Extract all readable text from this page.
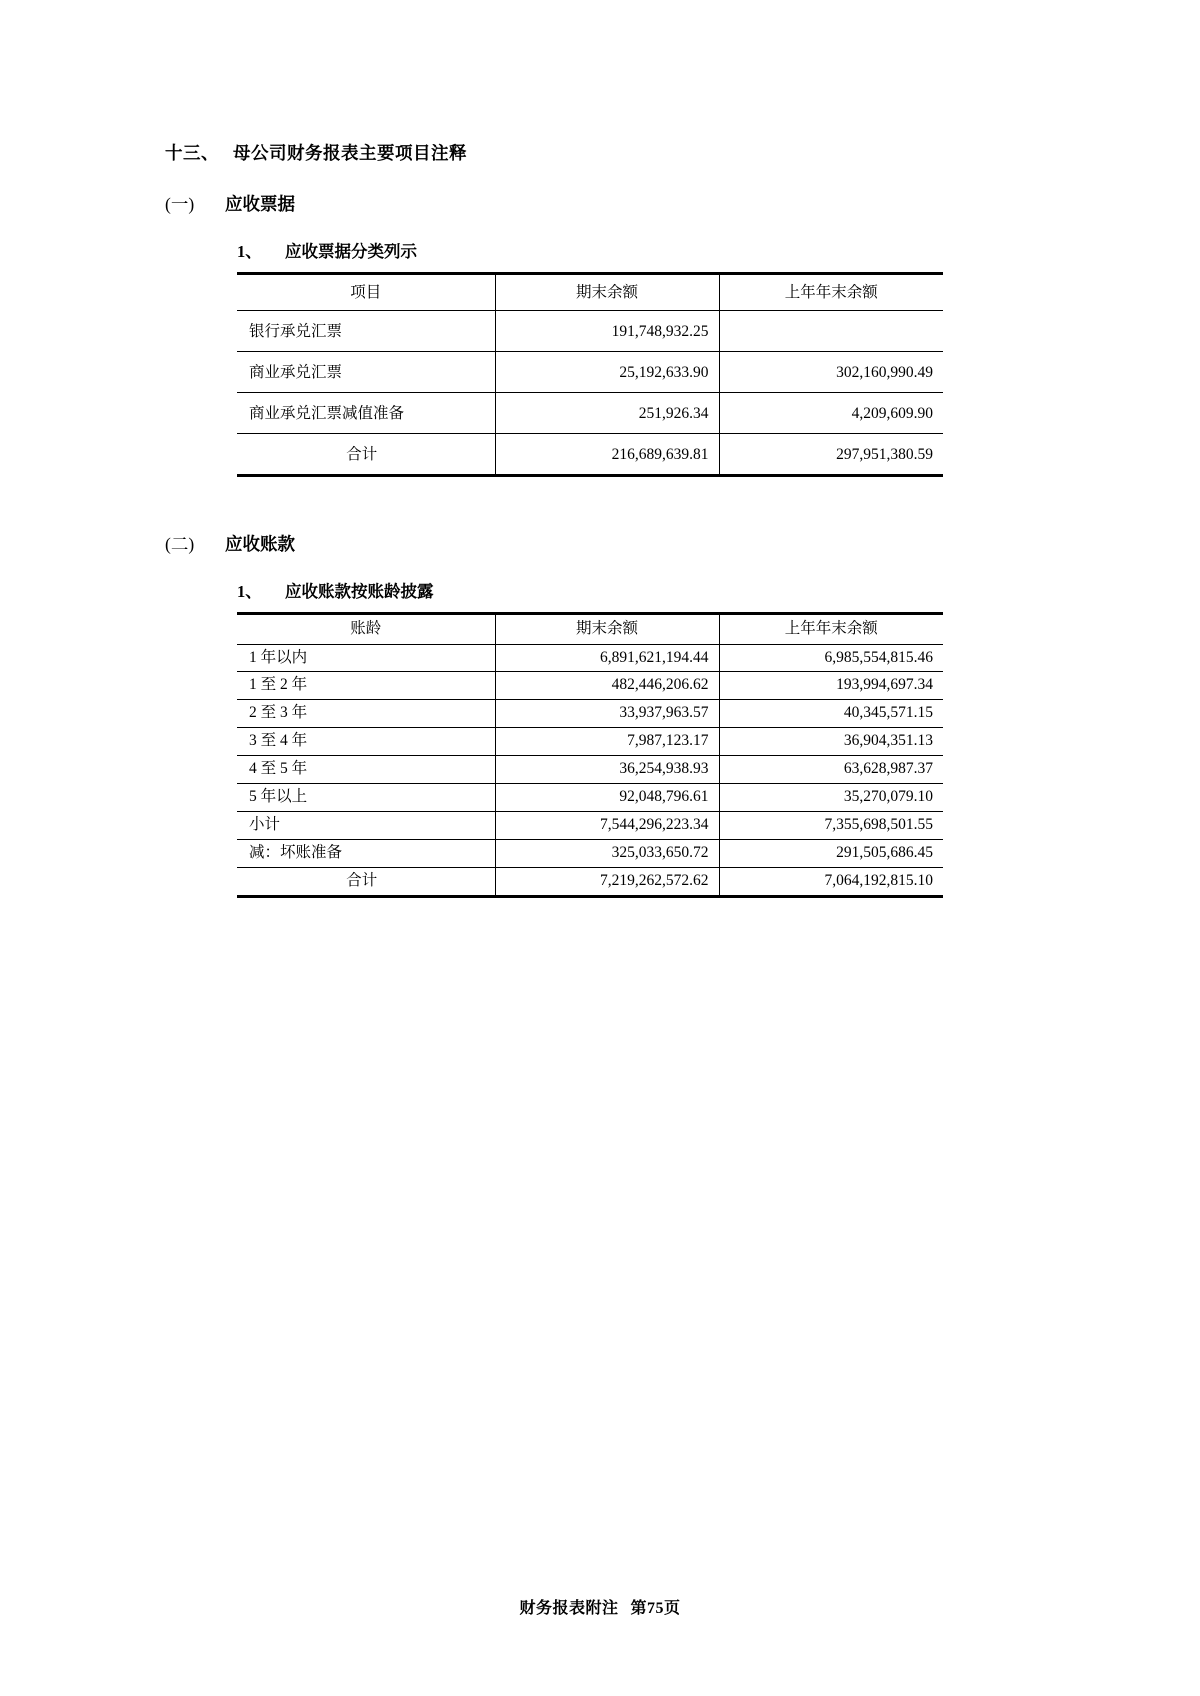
十三、 母公司财务报表主要项目注释
(一)	应收票据
1、	应收票据分类列示
项目	期末余额	上年年末余额
银行承兑汇票	191,748,932.25	
商业承兑汇票	25,192,633.90	302,160,990.49
商业承兑汇票减值准备	251,926.34	4,209,609.90
合计	216,689,639.81	297,951,380.59
(二)	应收账款
1、	应收账款按账龄披露
账龄	期末余额	上年年末余额
1 年以内	6,891,621,194.44	6,985,554,815.46
1 至 2 年	482,446,206.62	193,994,697.34
2 至 3 年	33,937,963.57	40,345,571.15
3 至 4 年	7,987,123.17	36,904,351.13
4 至 5 年	36,254,938.93	63,628,987.37
5 年以上	92,048,796.61	35,270,079.10
小计	7,544,296,223.34	7,355,698,501.55
减：坏账准备	325,033,650.72	291,505,686.45
合计	7,219,262,572.62	7,064,192,815.10
财务报表附注 第75页
